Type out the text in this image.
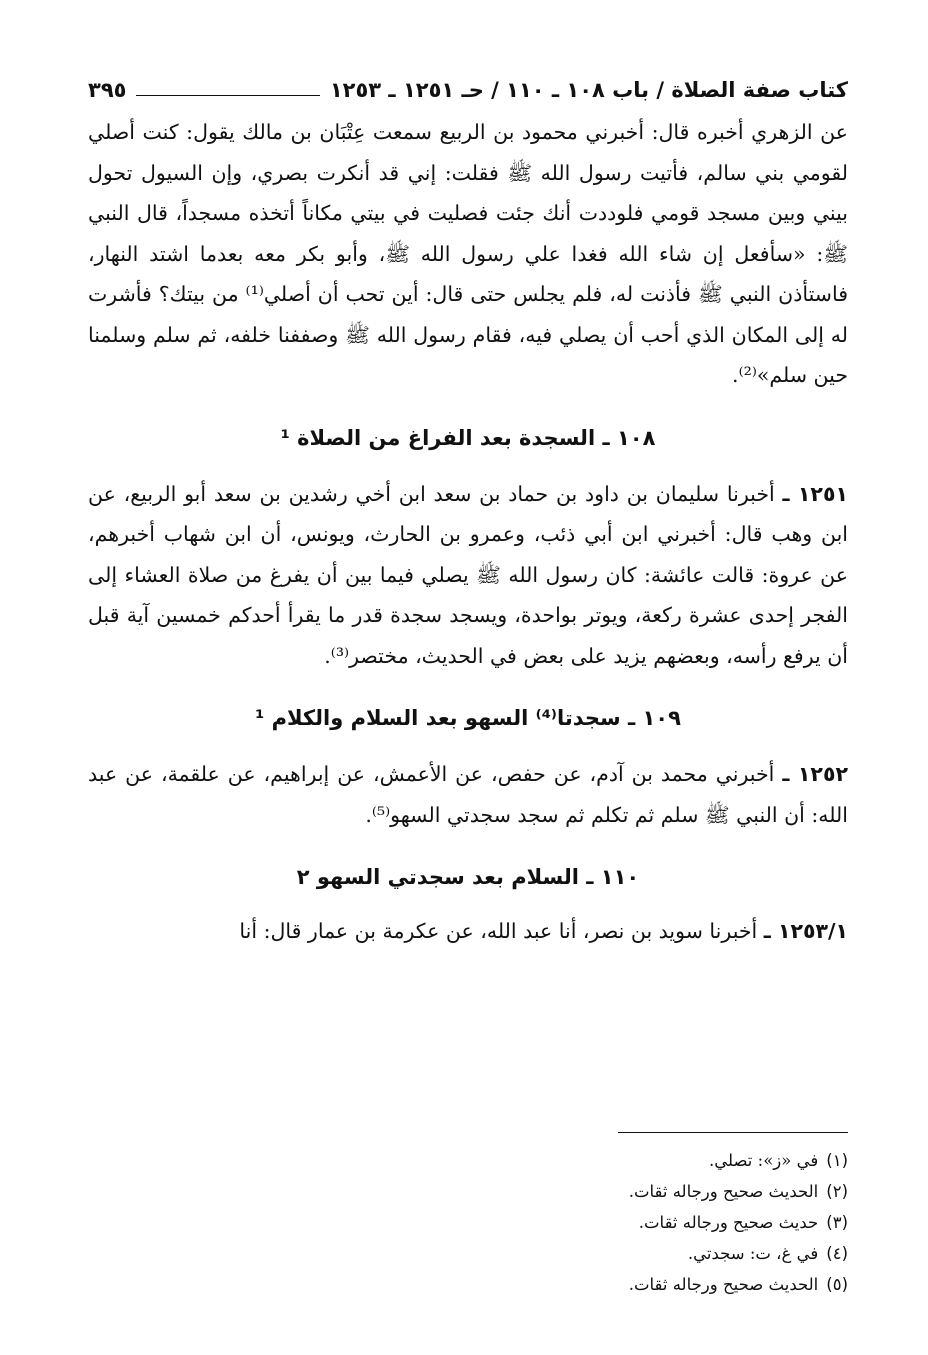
كتاب صفة الصلاة / باب ١٠٨ ـ ١١٠ / حـ ١٢٥١ ـ ١٢٥٣
٣٩٥

عن الزهري أخبره قال: أخبرني محمود بن الربيع سمعت عِتْبَان بن مالك يقول: كنت أصلي لقومي بني سالم، فأتيت رسول الله ﷺ فقلت: إني قد أنكرت بصري، وإن السيول تحول بيني وبين مسجد قومي فلوددت أنك جئت فصليت في بيتي مكاناً أتخذه مسجداً، قال النبي ﷺ: «سأفعل إن شاء الله فغدا علي رسول الله ﷺ، وأبو بكر معه بعدما اشتد النهار، فاستأذن النبي ﷺ فأذنت له، فلم يجلس حتى قال: أين تحب أن أصلي⁽¹⁾ من بيتك؟ فأشرت له إلى المكان الذي أحب أن يصلي فيه، فقام رسول الله ﷺ وصففنا خلفه، ثم سلم وسلمنا حين سلم»⁽²⁾.

١٠٨ ـ السجدة بعد الفراغ من الصلاة ¹

١٢٥١ ـ أخبرنا سليمان بن داود بن حماد بن سعد ابن أخي رشدين بن سعد أبو الربيع، عن ابن وهب قال: أخبرني ابن أبي ذئب، وعمرو بن الحارث، ويونس، أن ابن شهاب أخبرهم، عن عروة: قالت عائشة: كان رسول الله ﷺ يصلي فيما بين أن يفرغ من صلاة العشاء إلى الفجر إحدى عشرة ركعة، ويوتر بواحدة، ويسجد سجدة قدر ما يقرأ أحدكم خمسين آية قبل أن يرفع رأسه، وبعضهم يزيد على بعض في الحديث، مختصر⁽³⁾.

١٠٩ ـ سجدتا⁽⁴⁾ السهو بعد السلام والكلام ¹

١٢٥٢ ـ أخبرني محمد بن آدم، عن حفص، عن الأعمش، عن إبراهيم، عن علقمة، عن عبد الله: أن النبي ﷺ سلم ثم تكلم ثم سجد سجدتي السهو⁽⁵⁾.

١١٠ ـ السلام بعد سجدتي السهو ٢

١٢٥٣/١ ـ أخبرنا سويد بن نصر، أنا عبد الله، عن عكرمة بن عمار قال: أنا

(١)في «ز»: تصلي.
(٢)الحديث صحيح ورجاله ثقات.
(٣)حديث صحيح ورجاله ثقات.
(٤)في غ، ت: سجدتي.
(٥)الحديث صحيح ورجاله ثقات.
